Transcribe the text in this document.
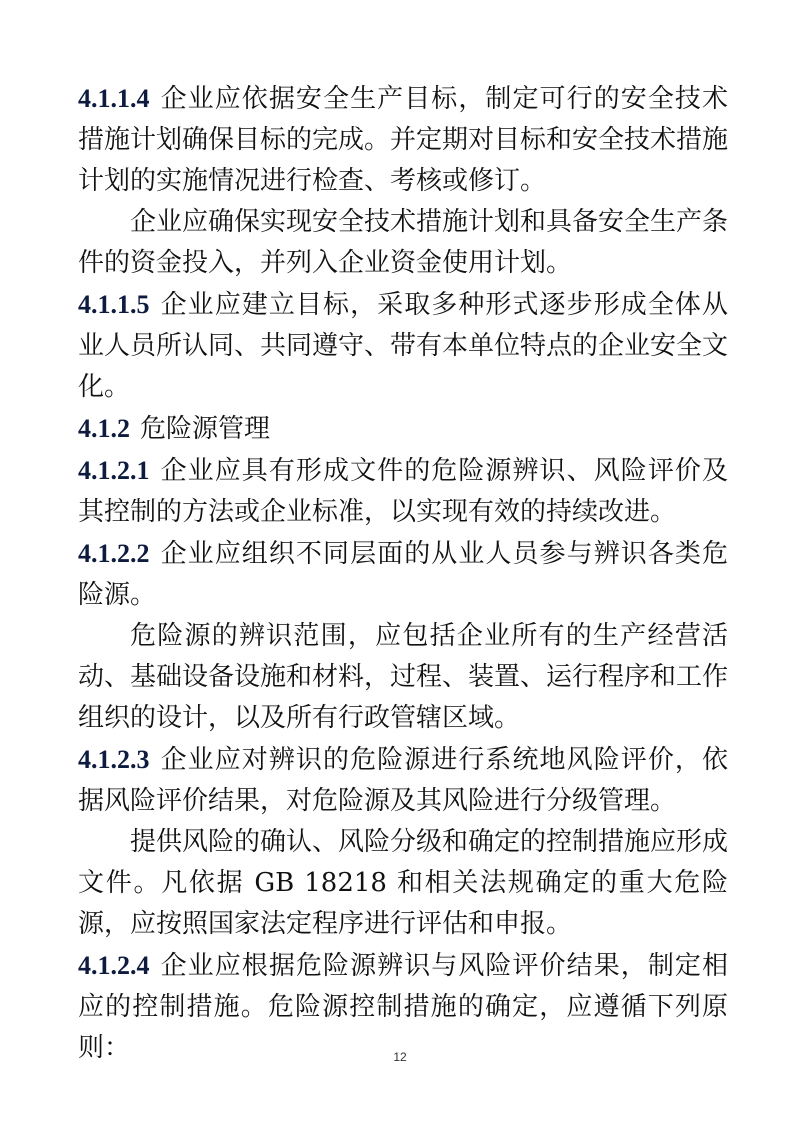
4.1.1.4 企业应依据安全生产目标，制定可行的安全技术措施计划确保目标的完成。并定期对目标和安全技术措施计划的实施情况进行检查、考核或修订。

企业应确保实现安全技术措施计划和具备安全生产条件的资金投入，并列入企业资金使用计划。

4.1.1.5 企业应建立目标，采取多种形式逐步形成全体从业人员所认同、共同遵守、带有本单位特点的企业安全文化。

4.1.2 危险源管理

4.1.2.1 企业应具有形成文件的危险源辨识、风险评价及其控制的方法或企业标准，以实现有效的持续改进。

4.1.2.2 企业应组织不同层面的从业人员参与辨识各类危险源。

危险源的辨识范围，应包括企业所有的生产经营活动、基础设备设施和材料，过程、装置、运行程序和工作组织的设计，以及所有行政管辖区域。

4.1.2.3 企业应对辨识的危险源进行系统地风险评价，依据风险评价结果，对危险源及其风险进行分级管理。

提供风险的确认、风险分级和确定的控制措施应形成文件。凡依据 GB 18218 和相关法规确定的重大危险源，应按照国家法定程序进行评估和申报。

4.1.2.4 企业应根据危险源辨识与风险评价结果，制定相应的控制措施。危险源控制措施的确定，应遵循下列原则：	12
